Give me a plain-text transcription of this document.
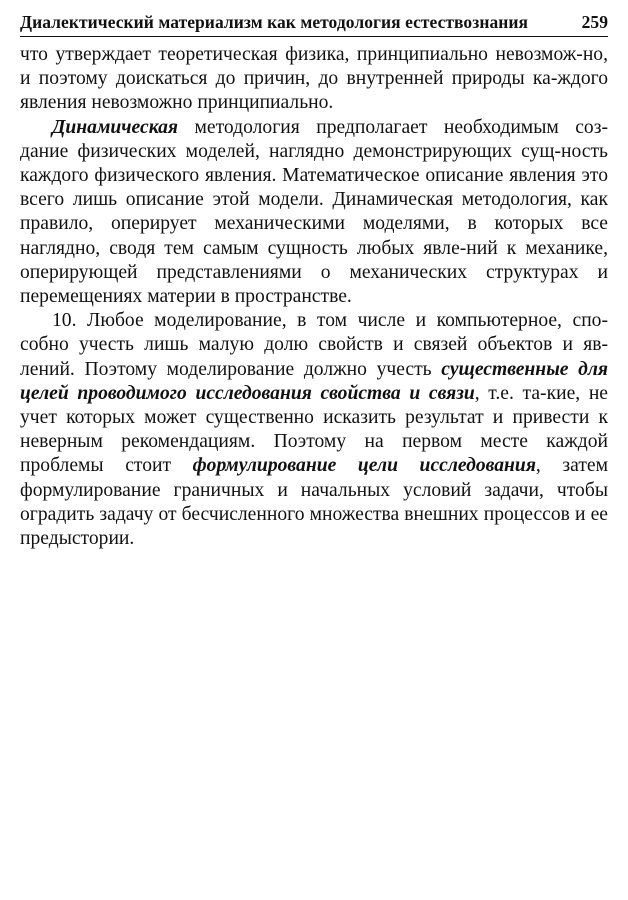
Диалектический материализм как методология естествознания	259

что утверждает теоретическая физика, принципиально невозмож-но, и поэтому доискаться до причин, до внутренней природы ка-ждого явления невозможно принципиально.

Динамическая методология предполагает необходимым соз-дание физических моделей, наглядно демонстрирующих сущ-ность каждого физического явления. Математическое описание явления это всего лишь описание этой модели. Динамическая методология, как правило, оперирует механическими моделями, в которых все наглядно, сводя тем самым сущность любых явле-ний к механике, оперирующей представлениями о механических структурах и перемещениях материи в пространстве.

10. Любое моделирование, в том числе и компьютерное, спо-собно учесть лишь малую долю свойств и связей объектов и яв-лений. Поэтому моделирование должно учесть существенные для целей проводимого исследования свойства и связи, т.е. та-кие, не учет которых может существенно исказить результат и привести к неверным рекомендациям. Поэтому на первом месте каждой проблемы стоит формулирование цели исследования, затем формулирование граничных и начальных условий задачи, чтобы оградить задачу от бесчисленного множества внешних процессов и ее предыстории.
